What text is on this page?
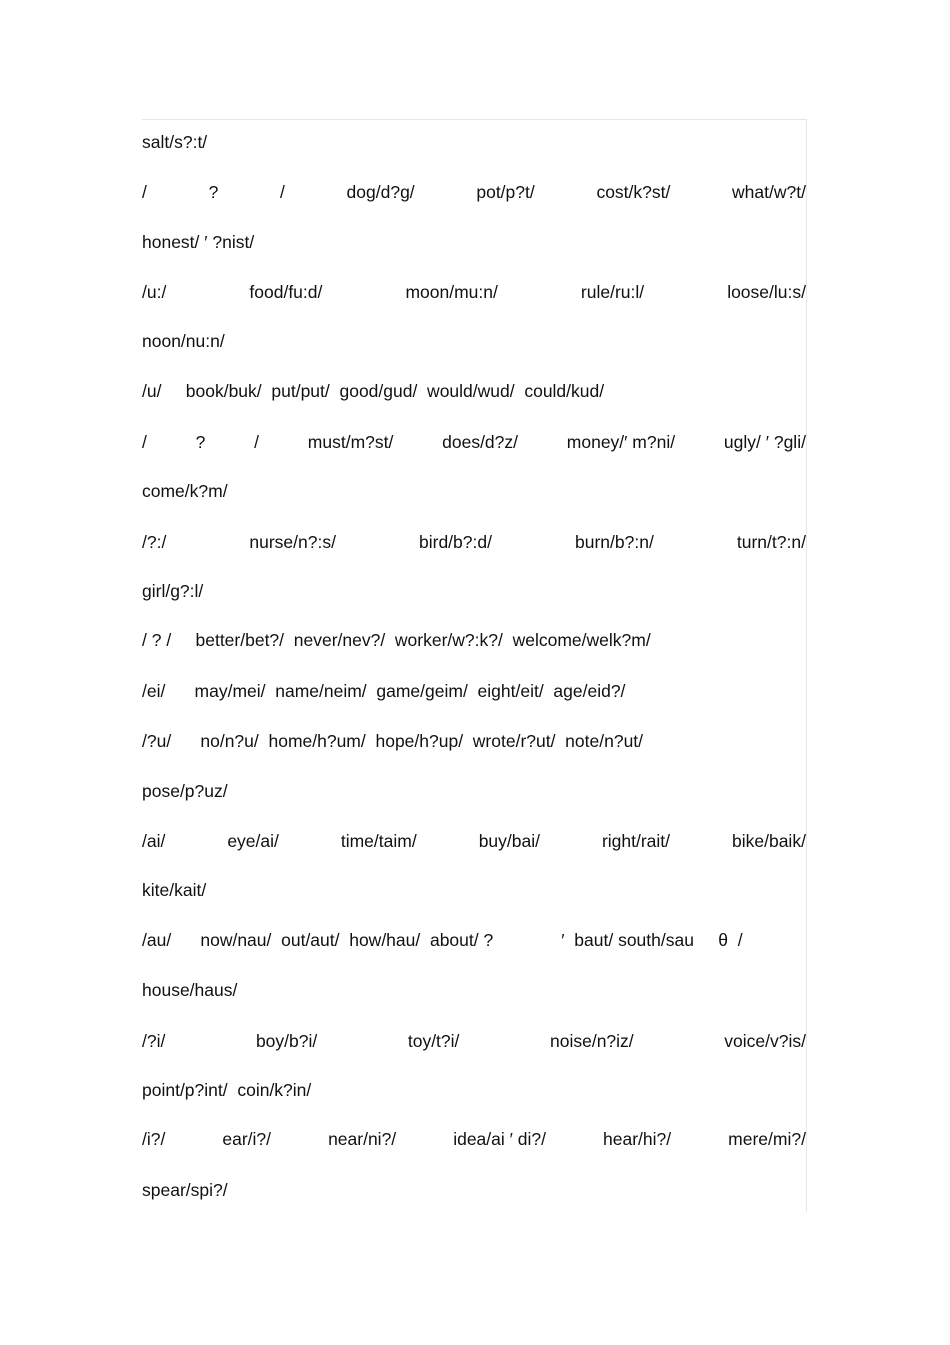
salt/s?:t/
/	?	/	dog/d?g/	pot/p?t/	cost/k?st/	what/w?t/
honest/ ′ ?nist/
/u:/	food/fu:d/	moon/mu:n/	rule/ru:l/	loose/lu:s/
noon/nu:n/
/u/     book/buk/  put/put/  good/gud/  would/wud/  could/kud/
/	?	/	must/m?st/	does/d?z/	money/′ m?ni/	ugly/ ′ ?gli/
come/k?m/
/?:/	nurse/n?:s/	bird/b?:d/	burn/b?:n/	turn/t?:n/
girl/g?:l/
/ ? /     better/bet?/  never/nev?/  worker/w?:k?/  welcome/welk?m/
/ei/      may/mei/  name/neim/  game/geim/  eight/eit/  age/eid?/
/?u/      no/n?u/  home/h?um/  hope/h?up/  wrote/r?ut/  note/n?ut/
pose/p?uz/
/ai/	eye/ai/	time/taim/	buy/bai/	right/rait/	bike/baik/
kite/kait/
/au/      now/nau/  out/aut/  how/hau/  about/ ?              ′  baut/ south/sau     θ  /
house/haus/
/?i/	boy/b?i/	toy/t?i/	noise/n?iz/	voice/v?is/
point/p?int/  coin/k?in/
/i?/	ear/i?/	near/ni?/	idea/ai ′ di?/	hear/hi?/	mere/mi?/
spear/spi?/
